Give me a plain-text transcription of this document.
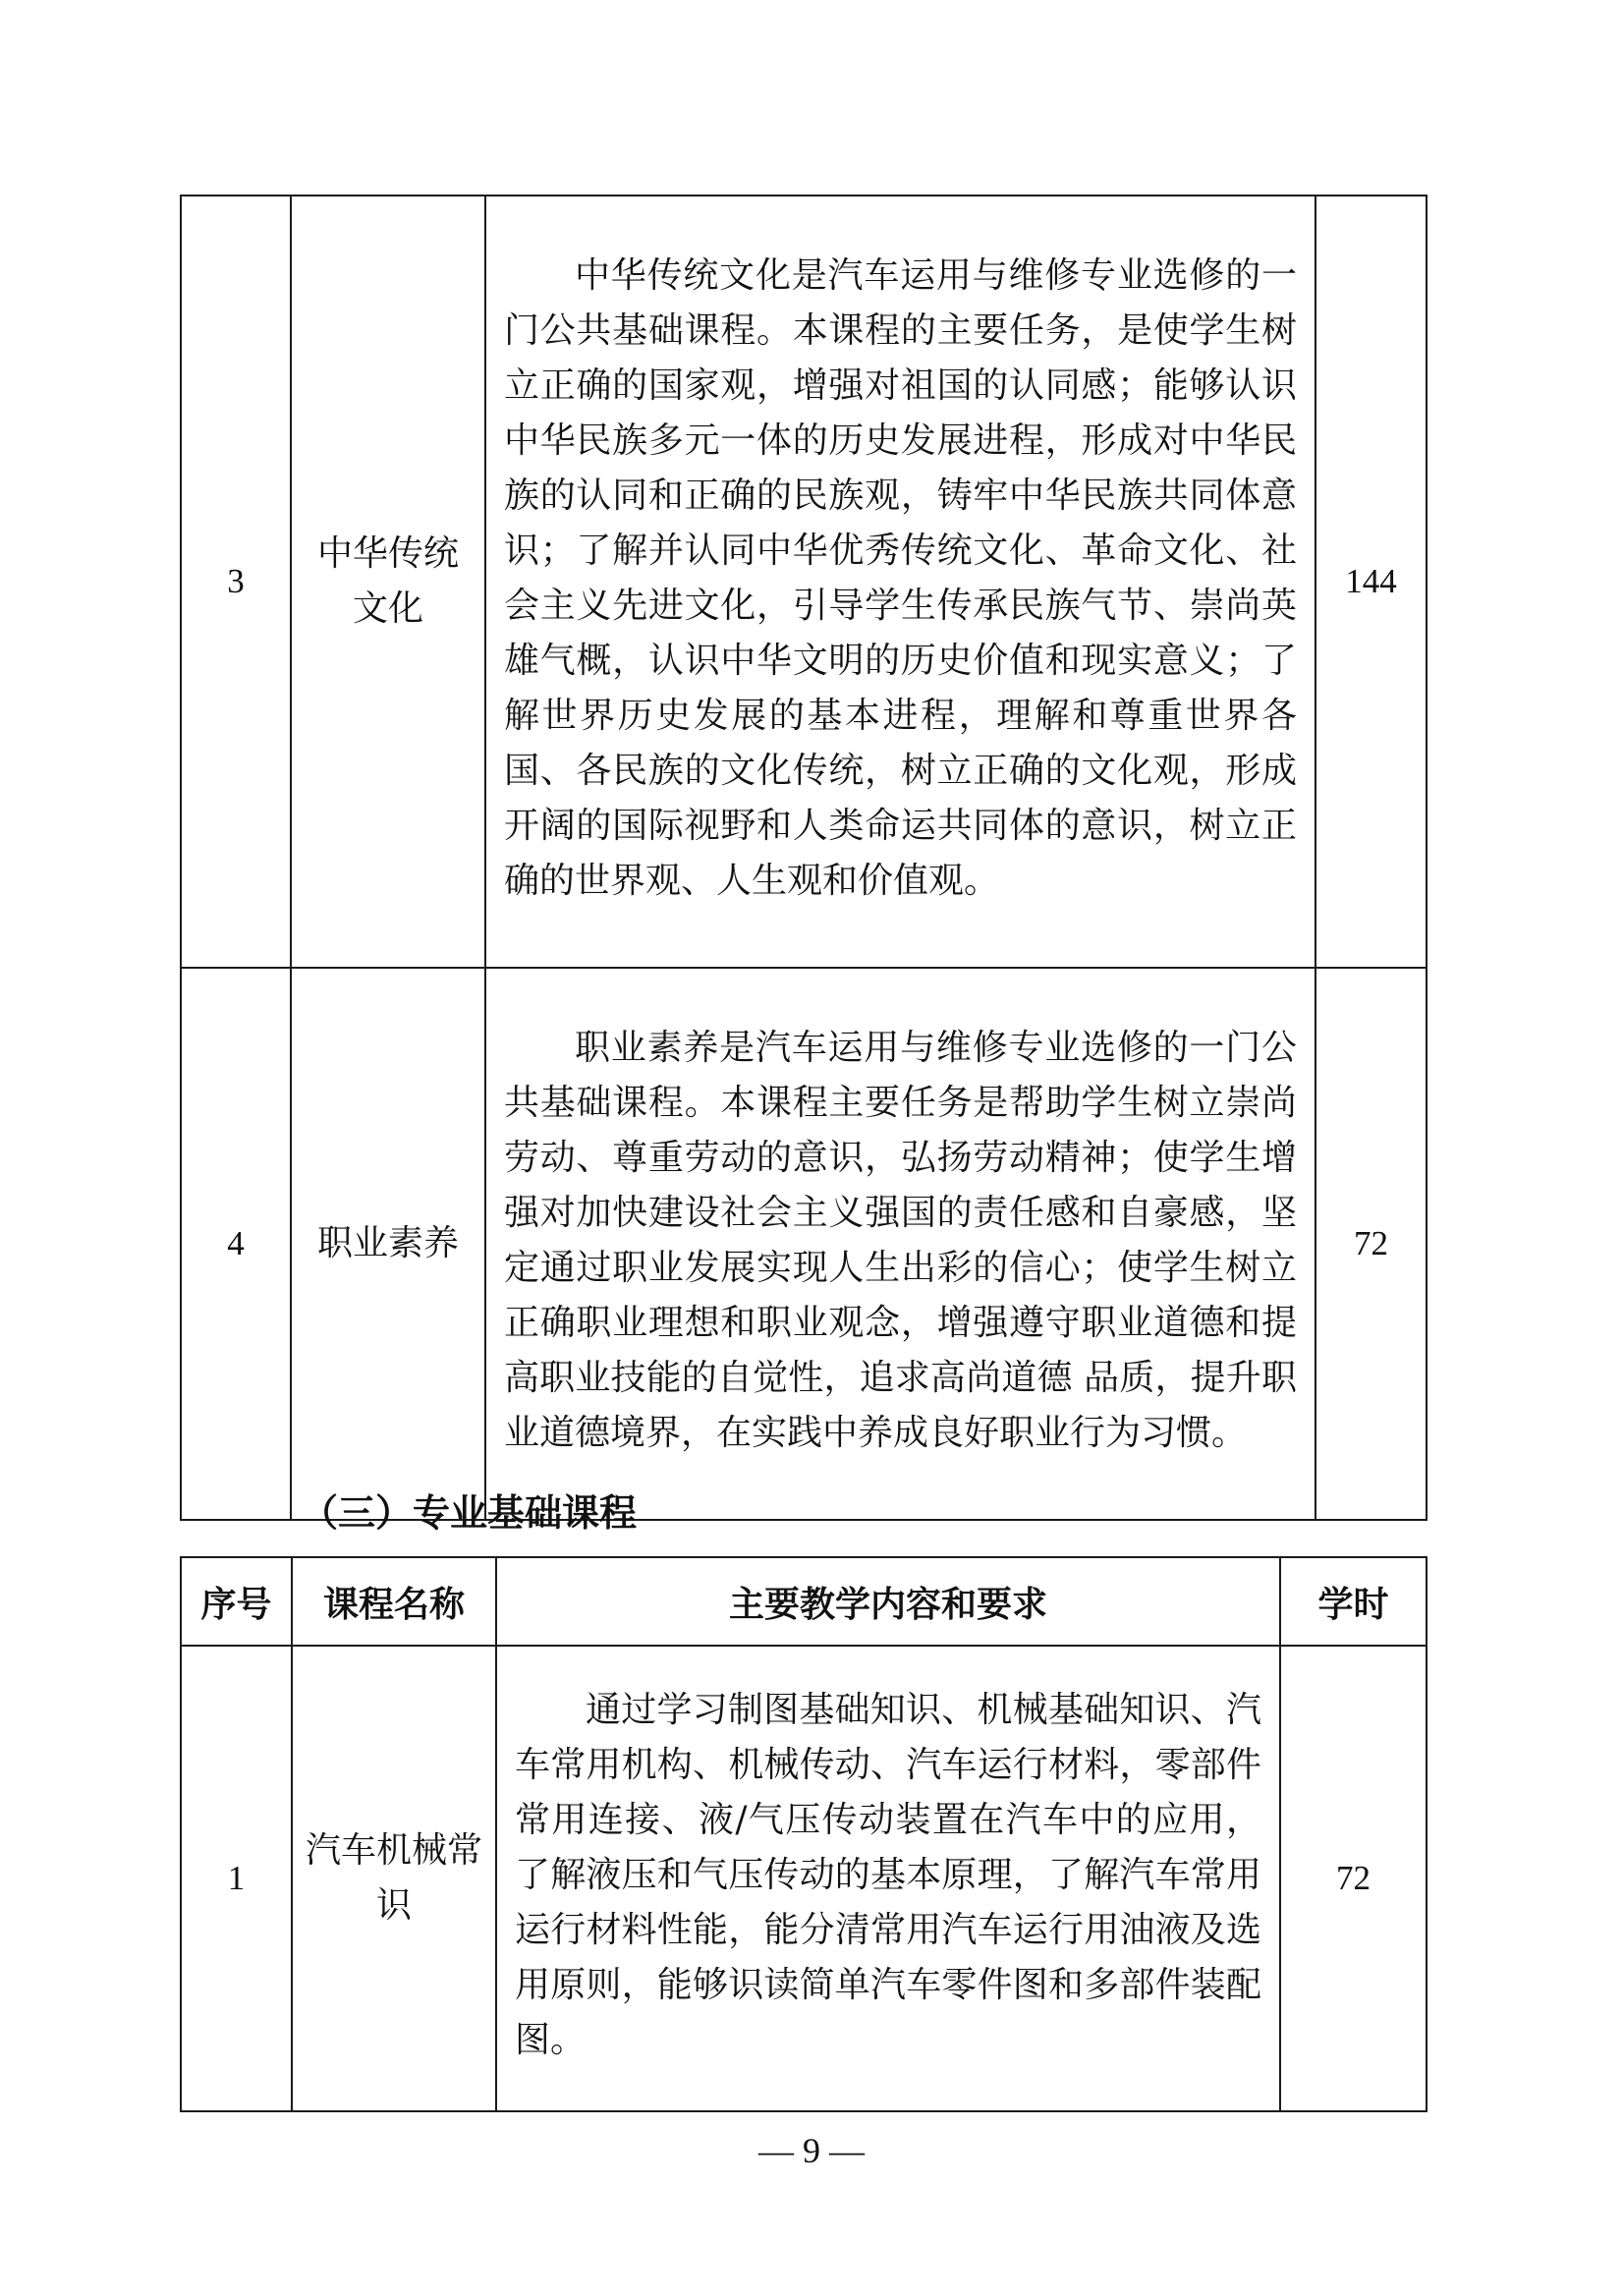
3	中华传统文化	中华传统文化是汽车运用与维修专业选修的一门公共基础课程。本课程的主要任务，是使学生树立正确的国家观，增强对祖国的认同感；能够认识中华民族多元一体的历史发展进程，形成对中华民族的认同和正确的民族观，铸牢中华民族共同体意识；了解并认同中华优秀传统文化、革命文化、社会主义先进文化，引导学生传承民族气节、崇尚英雄气概，认识中华文明的历史价值和现实意义；了解世界历史发展的基本进程，理解和尊重世界各国、各民族的文化传统，树立正确的文化观，形成开阔的国际视野和人类命运共同体的意识，树立正确的世界观、人生观和价值观。	144
4	职业素养	职业素养是汽车运用与维修专业选修的一门公共基础课程。本课程主要任务是帮助学生树立崇尚劳动、尊重劳动的意识，弘扬劳动精神；使学生增强对加快建设社会主义强国的责任感和自豪感，坚定通过职业发展实现人生出彩的信心；使学生树立正确职业理想和职业观念，增强遵守职业道德和提高职业技能的自觉性，追求高尚道德 品质，提升职业道德境界，在实践中养成良好职业行为习惯。	72
（三）专业基础课程
序号	课程名称	主要教学内容和要求	学时
1	汽车机械常识	通过学习制图基础知识、机械基础知识、汽车常用机构、机械传动、汽车运行材料，零部件常用连接、液/气压传动装置在汽车中的应用，了解液压和气压传动的基本原理，了解汽车常用运行材料性能，能分清常用汽车运行用油液及选用原则，能够识读简单汽车零件图和多部件装配图。	72
— 9 —
